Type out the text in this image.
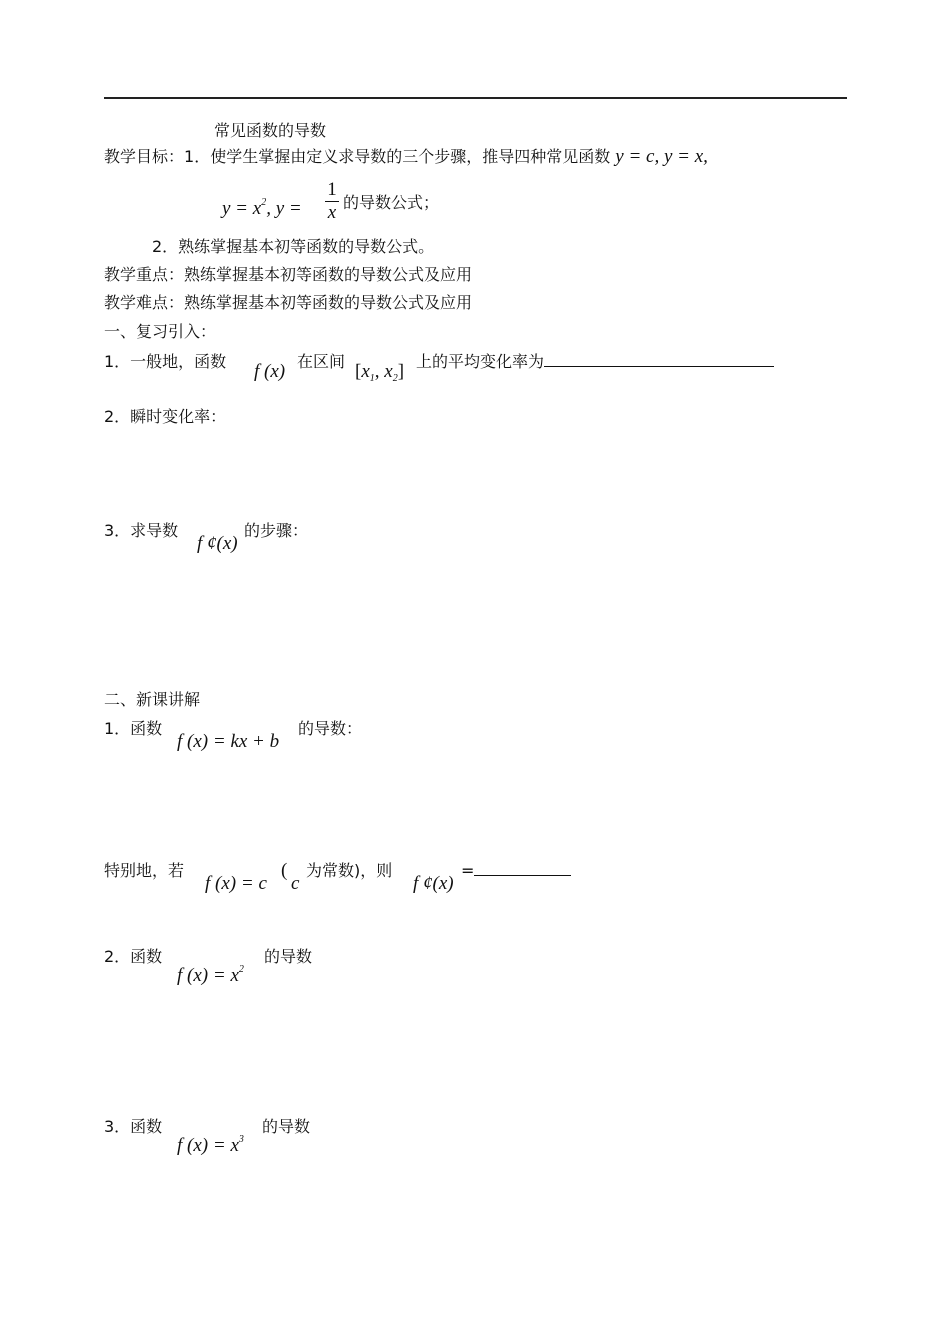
常见函数的导数
教学目标：1．使学生掌握由定义求导数的三个步骤，推导四种常见函数 y = c, y = x,
$y = x^2$, y =
1
x 的导数公式；
2．熟练掌握基本初等函数的导数公式。
教学重点：熟练掌握基本初等函数的导数公式及应用
教学难点：熟练掌握基本初等函数的导数公式及应用
一、复习引入：
1．一般地，函数 f (x) 在区间 [$x_1$, $x_2$] 上的平均变化率为
2．瞬时变化率：
3．求导数
f ¢(x)
的步骤：
二、新课讲解
1．函数
f (x) = kx + b
的导数：
特别地，若
f (x) = c
(
c
为常数)，则
f ¢(x)
=
2．函数
f $(x) = x^2$
的导数
3．函数
f $(x) = x^3$
的导数
